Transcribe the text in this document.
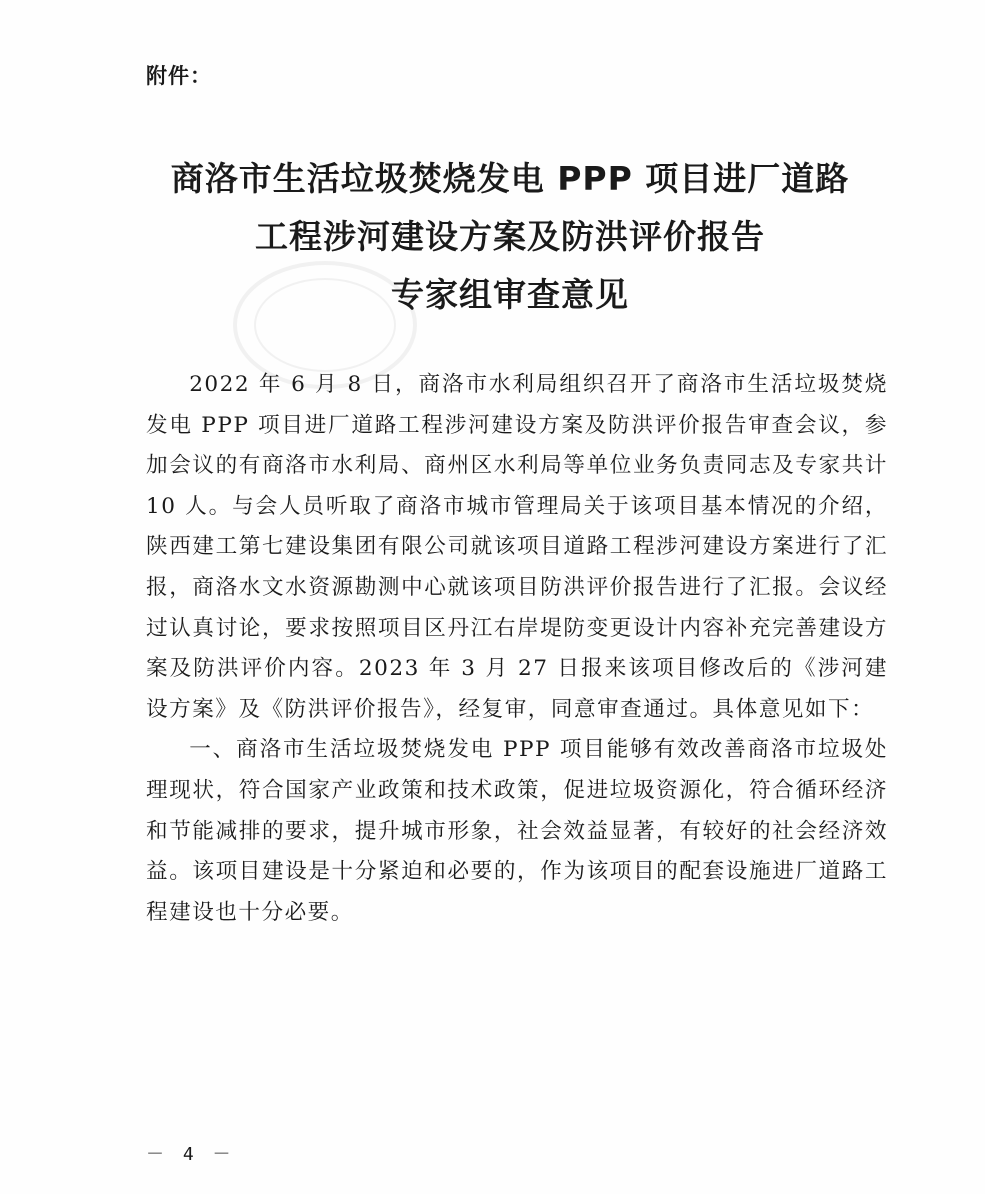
附件：
商洛市生活垃圾焚烧发电 PPP 项目进厂道路
工程涉河建设方案及防洪评价报告
专家组审查意见

2022 年 6 月 8 日，商洛市水利局组织召开了商洛市生活垃圾焚烧发电 PPP 项目进厂道路工程涉河建设方案及防洪评价报告审查会议，参加会议的有商洛市水利局、商州区水利局等单位业务负责同志及专家共计 10 人。与会人员听取了商洛市城市管理局关于该项目基本情况的介绍，陕西建工第七建设集团有限公司就该项目道路工程涉河建设方案进行了汇报，商洛水文水资源勘测中心就该项目防洪评价报告进行了汇报。会议经过认真讨论，要求按照项目区丹江右岸堤防变更设计内容补充完善建设方案及防洪评价内容。2023 年 3 月 27 日报来该项目修改后的《涉河建设方案》及《防洪评价报告》，经复审，同意审查通过。具体意见如下：

一、商洛市生活垃圾焚烧发电 PPP 项目能够有效改善商洛市垃圾处理现状，符合国家产业政策和技术政策，促进垃圾资源化，符合循环经济和节能减排的要求，提升城市形象，社会效益显著，有较好的社会经济效益。该项目建设是十分紧迫和必要的，作为该项目的配套设施进厂道路工程建设也十分必要。

－ 4 －
